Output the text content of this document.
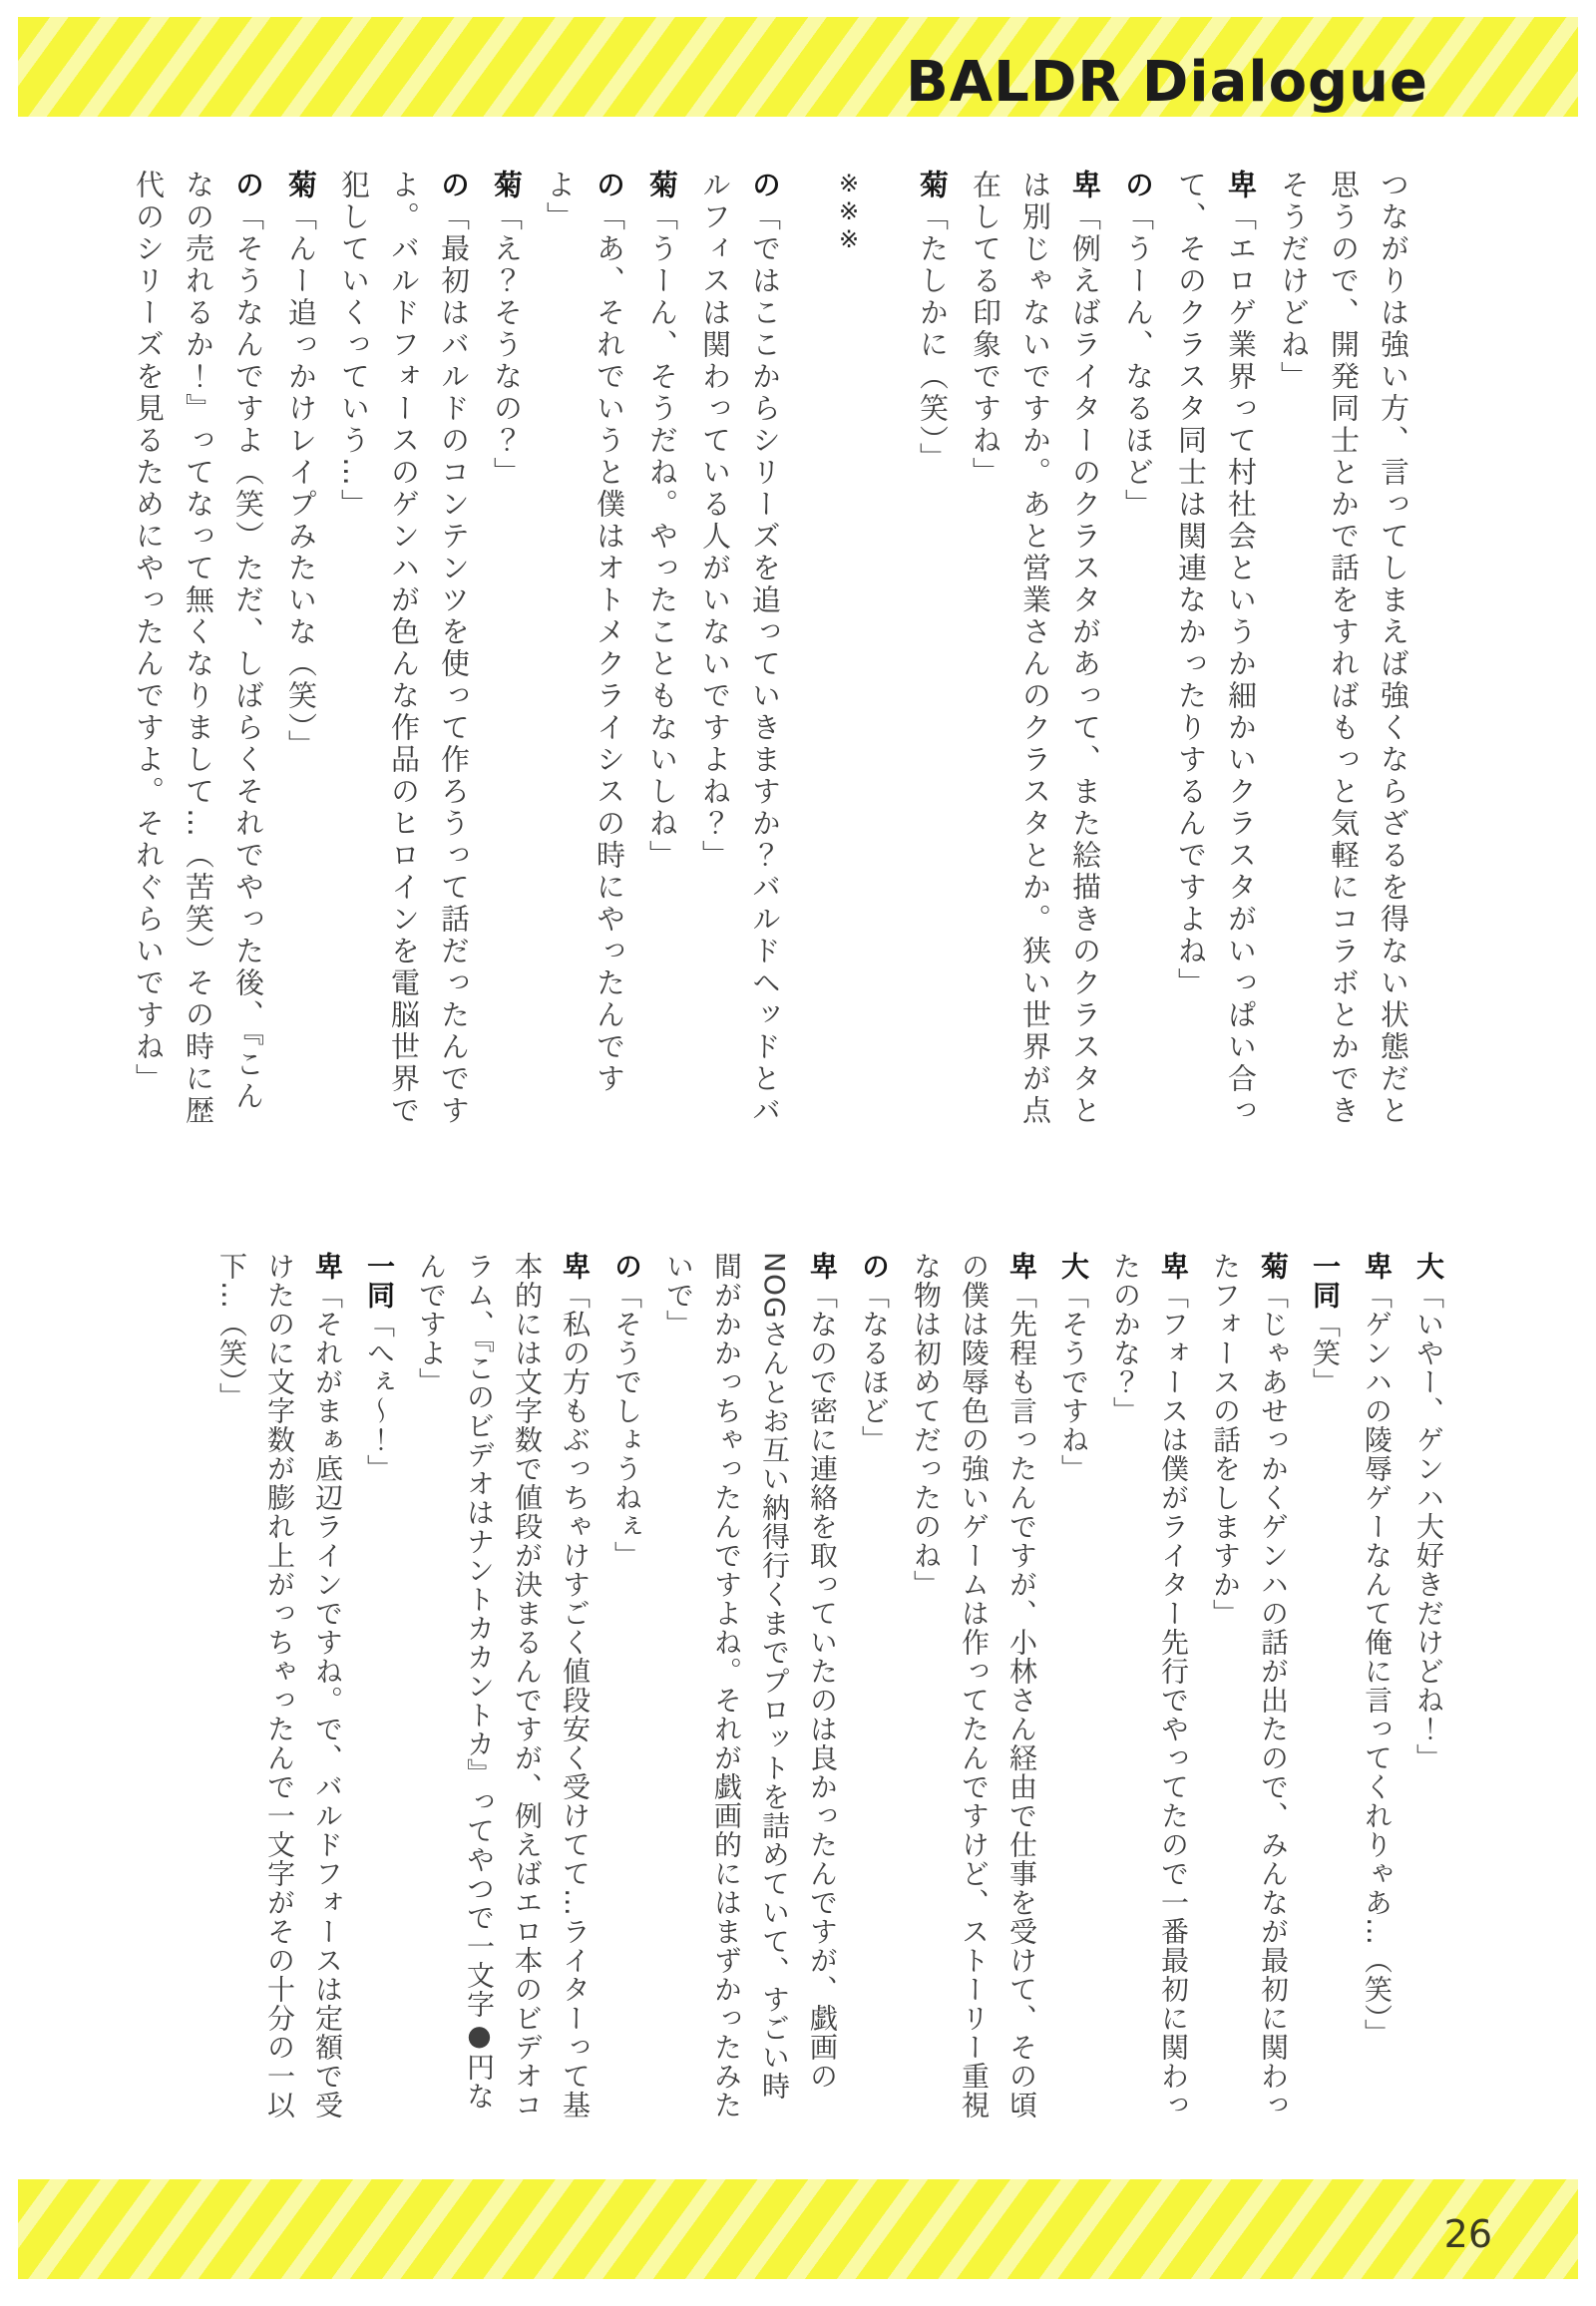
BALDR Dialogue

つながりは強い方、言ってしまえば強くならざるを得ない状態だと思うので、開発同士とかで話をすればもっと気軽にコラボとかできそうだけどね」

卑「エロゲ業界って村社会というか細かいクラスタがいっぱい合って、そのクラスタ同士は関連なかったりするんですよね」

の「うーん、なるほど」

卑「例えばライターのクラスタがあって、また絵描きのクラスタとは別じゃないですか。あと営業さんのクラスタとか。狭い世界が点在してる印象ですね」

菊「たしかに（笑）」

※※※

の「ではここからシリーズを追っていきますか？バルドヘッドとバルフィスは関わっている人がいないですよね？」

菊「うーん、そうだね。やったこともないしね」

の「あ、それでいうと僕はオトメクライシスの時にやったんですよ」

菊「え？そうなの？」

の「最初はバルドのコンテンツを使って作ろうって話だったんですよ。バルドフォースのゲンハが色んな作品のヒロインを電脳世界で犯していくっていう…」

菊「んー追っかけレイプみたいな（笑）」

の「そうなんですよ（笑）ただ、しばらくそれでやった後、『こんなの売れるか！』ってなって無くなりまして…（苦笑）その時に歴代のシリーズを見るためにやったんですよ。それぐらいですね」

大「いやー、ゲンハ大好きだけどね！」

卑「ゲンハの陵辱ゲーなんて俺に言ってくれりゃあ…（笑）」

一同「笑」

菊「じゃあせっかくゲンハの話が出たので、みんなが最初に関わったフォースの話をしますか」

卑「フォースは僕がライター先行でやってたので一番最初に関わったのかな？」

大「そうですね」

卑「先程も言ったんですが、小林さん経由で仕事を受けて、その頃の僕は陵辱色の強いゲームは作ってたんですけど、ストーリー重視な物は初めてだったのね」

の「なるほど」

卑「なので密に連絡を取っていたのは良かったんですが、戯画のNOGさんとお互い納得行くまでプロットを詰めていて、すごい時間がかかっちゃったんですよね。それが戯画的にはまずかったみたいで」

の「そうでしょうねぇ」

卑「私の方もぶっちゃけすごく値段安く受けてて…ライターって基本的には文字数で値段が決まるんですが、例えばエロ本のビデオコラム、『このビデオはナントカカントカ』ってやつで一文字●円なんですよ」

一同「へぇ〜！」

卑「それがまぁ底辺ラインですね。で、バルドフォースは定額で受けたのに文字数が膨れ上がっちゃったんで一文字がその十分の一以下…（笑）」

26
